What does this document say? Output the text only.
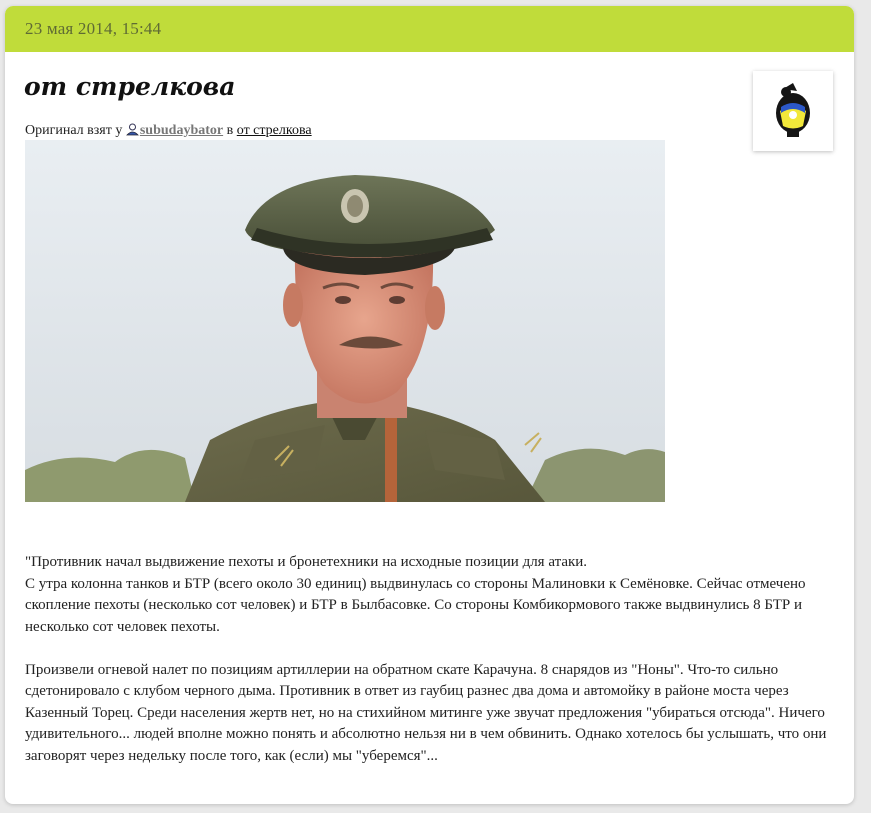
23 мая 2014, 15:44
от стрелкова
Оригинал взят у subudaybator в от стрелкова

"Противник начал выдвижение пехоты и бронетехники на исходные позиции для атаки.
С утра колонна танков и БТР (всего около 30 единиц) выдвинулась со стороны Малиновки к Семёновке. Сейчас отмечено скопление пехоты (несколько сот человек) и БТР в Былбасовке. Со стороны Комбикормового также выдвинулись 8 БТР и несколько сот человек пехоты.

Произвели огневой налет по позициям артиллерии на обратном скате Карачуна. 8 снарядов из "Ноны". Что-то сильно сдетонировало с клубом черного дыма. Противник в ответ из гаубиц разнес два дома и автомойку в районе моста через Казенный Торец. Среди населения жертв нет, но на стихийном митинге уже звучат предложения "убираться отсюда". Ничего удивительного... людей вполне можно понять и абсолютно нельзя ни в чем обвинить. Однако хотелось бы услышать, что они заговорят через недельку после того, как (если) мы "уберемся"...
